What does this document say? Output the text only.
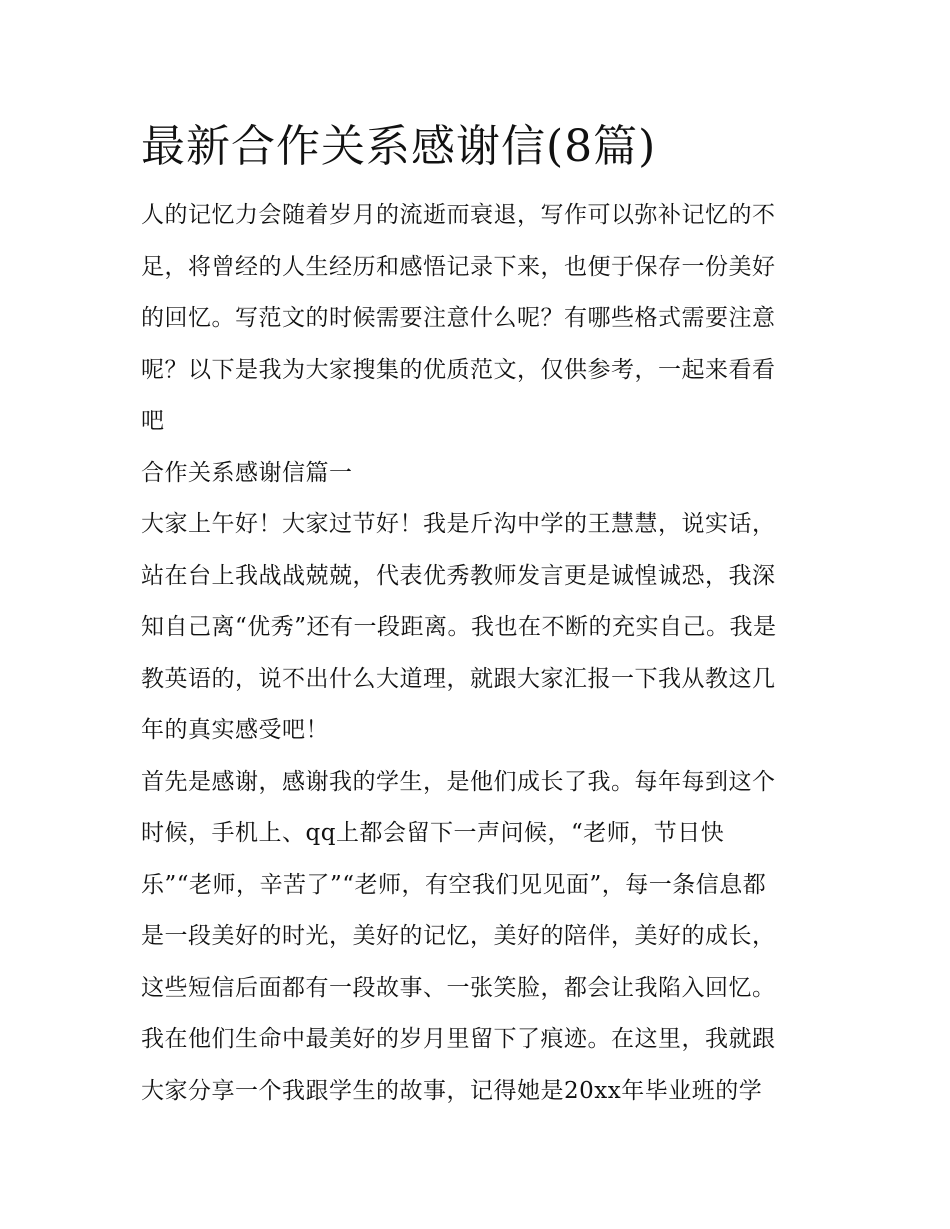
最新合作关系感谢信(8篇)
人的记忆力会随着岁月的流逝而衰退，写作可以弥补记忆的不
足，将曾经的人生经历和感悟记录下来，也便于保存一份美好
的回忆。写范文的时候需要注意什么呢？有哪些格式需要注意
呢？以下是我为大家搜集的优质范文，仅供参考，一起来看看
吧
合作关系感谢信篇一
大家上午好！大家过节好！我是斤沟中学的王慧慧，说实话，
站在台上我战战兢兢，代表优秀教师发言更是诚惶诚恐，我深
知自己离“优秀”还有一段距离。我也在不断的充实自己。我是
教英语的，说不出什么大道理，就跟大家汇报一下我从教这几
年的真实感受吧！
首先是感谢，感谢我的学生，是他们成长了我。每年每到这个
时候，手机上、qq上都会留下一声问候，“老师，节日快
乐”“老师，辛苦了”“老师，有空我们见见面”，每一条信息都
是一段美好的时光，美好的记忆，美好的陪伴，美好的成长，
这些短信后面都有一段故事、一张笑脸，都会让我陷入回忆。
我在他们生命中最美好的岁月里留下了痕迹。在这里，我就跟
大家分享一个我跟学生的故事，记得她是20xx年毕业班的学
